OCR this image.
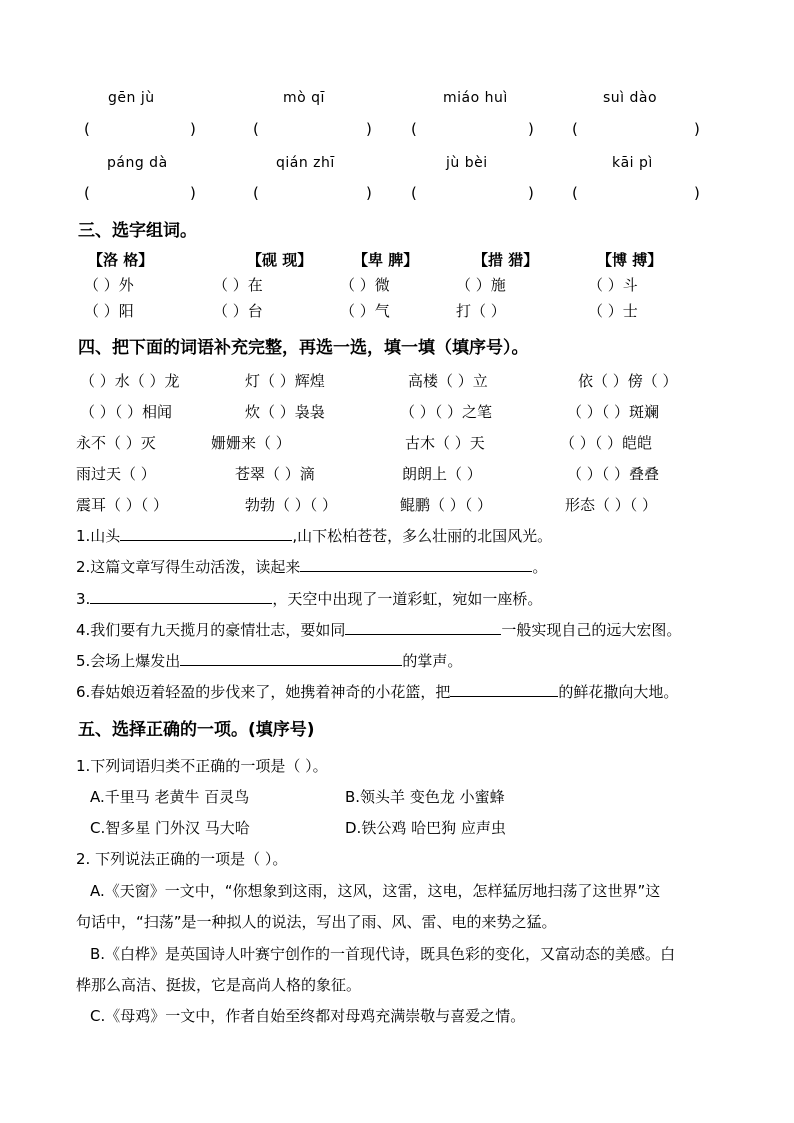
gēn jù	mò qī	miáo huì	suì dào
(	)	(	)	(	)	(	)
páng dà	qián zhī	jù bèi	kāi pì
(	)	(	)	(	)	(	)
三、选字组词。
【洛 格】	【砚 现】	【卑 脾】	【措 猎】	【博 搏】
（ ）外	（ ）在	（ ）微	（ ）施	（ ）斗
（ ）阳	（ ）台	（ ）气	打（ ）	（ ）士
四、把下面的词语补充完整，再选一选，填一填（填序号）。
（ ）水（ ）龙	灯（ ）辉煌	高楼（ ）立	依（ ）傍（ ）
（ ）（ ）相闻	炊（ ）袅袅	（ ）（ ）之笔	（ ）（ ）斑斓
永不（ ）灭	姗姗来（ ）	古木（ ）天	（ ）（ ）皑皑
雨过天（ ）	苍翠（ ）滴	朗朗上（ ）	（ ）（ ）叠叠
震耳（ ）（ ）	勃勃（ ）（ ）	鲲鹏（ ）（ ）	形态（ ）（ ）
1.山头	,山下松柏苍苍，多么壮丽的北国风光。
2.这篇文章写得生动活泼，读起来	。
3.	，天空中出现了一道彩虹，宛如一座桥。
4.我们要有九天揽月的豪情壮志，要如同	一般实现自己的远大宏图。
5.会场上爆发出	的掌声。
6.春姑娘迈着轻盈的步伐来了，她携着神奇的小花篮，把	的鲜花撒向大地。
五、选择正确的一项。(填序号)
1.下列词语归类不正确的一项是（ ）。
A.千里马 老黄牛 百灵鸟	B.领头羊 变色龙 小蜜蜂
C.智多星 门外汉 马大哈	D.铁公鸡 哈巴狗 应声虫
2. 下列说法正确的一项是（ ）。
A.《天窗》一文中，“你想象到这雨，这风，这雷，这电，怎样猛厉地扫荡了这世界”这
句话中，“扫荡”是一种拟人的说法，写出了雨、风、雷、电的来势之猛。
B.《白桦》是英国诗人叶赛宁创作的一首现代诗，既具色彩的变化，又富动态的美感。白
桦那么高洁、挺拔，它是高尚人格的象征。
C.《母鸡》一文中，作者自始至终都对母鸡充满崇敬与喜爱之情。
